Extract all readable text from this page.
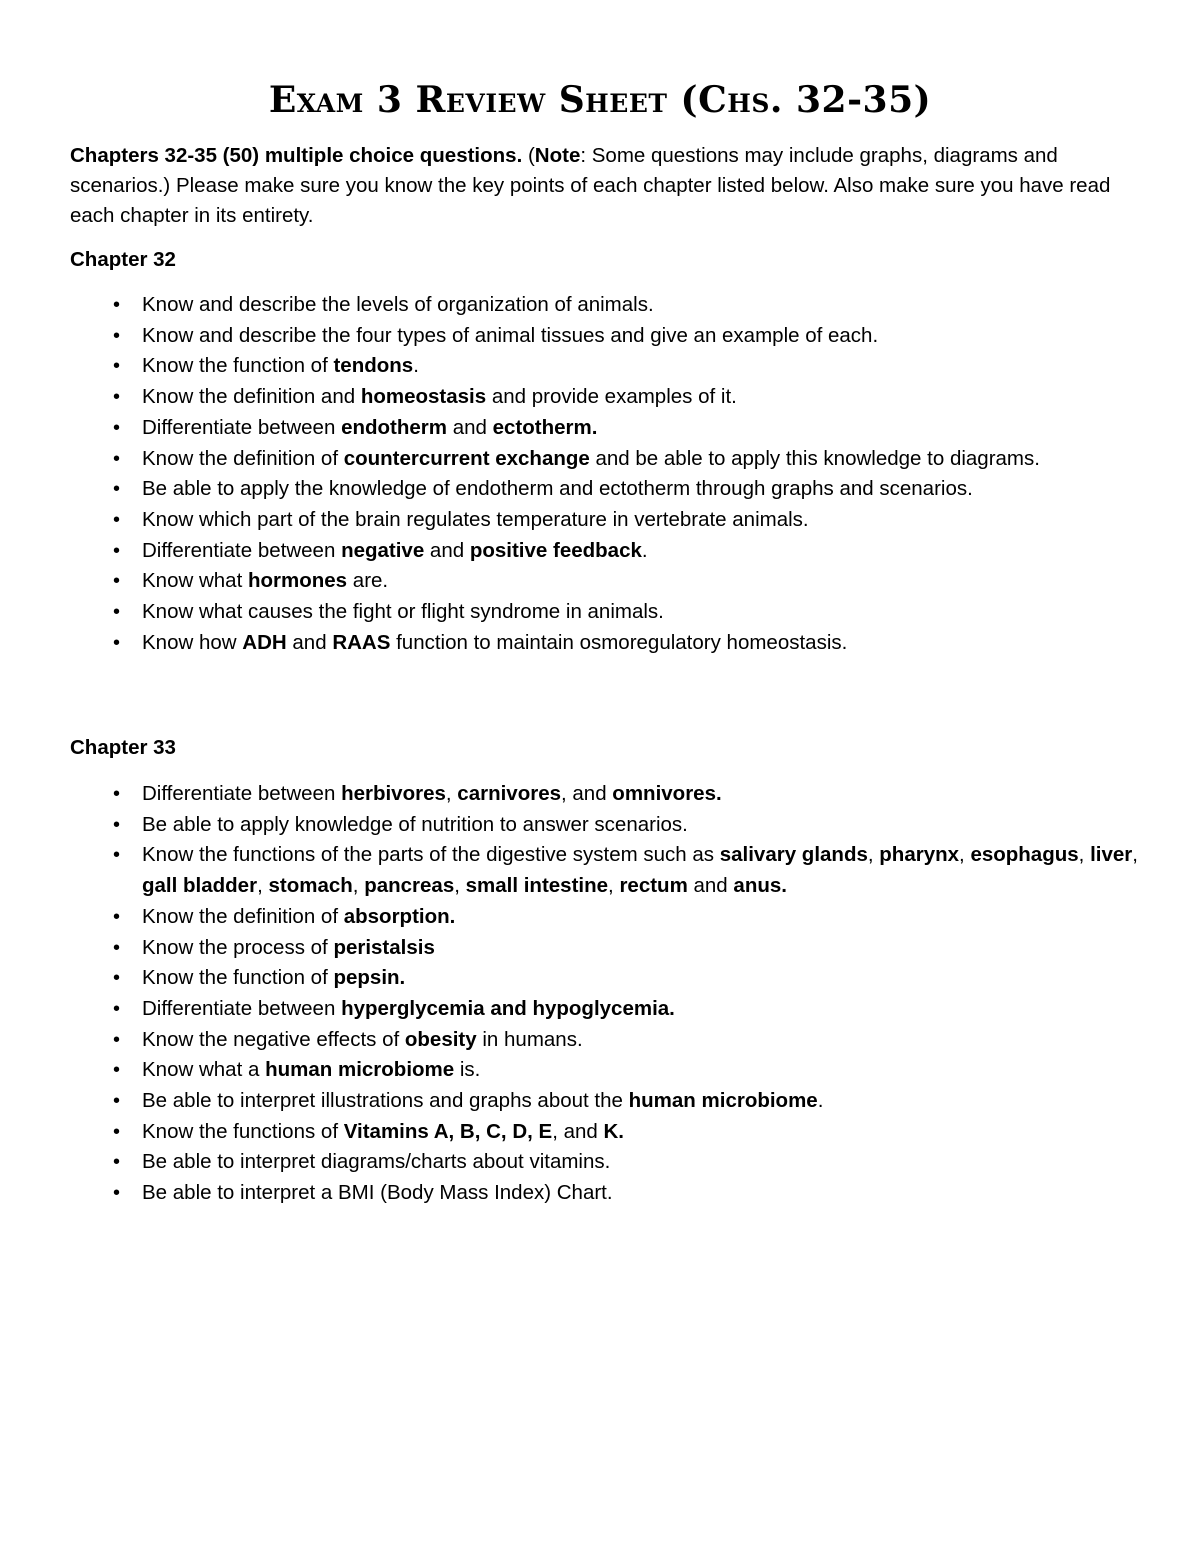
Exam 3 Review Sheet (Chs. 32-35)

Chapters 32-35 (50) multiple choice questions. (Note: Some questions may include graphs, diagrams and scenarios.) Please make sure you know the key points of each chapter listed below. Also make sure you have read each chapter in its entirety.

Chapter 32
• Know and describe the levels of organization of animals.
• Know and describe the four types of animal tissues and give an example of each.
• Know the function of tendons.
• Know the definition and homeostasis and provide examples of it.
• Differentiate between endotherm and ectotherm.
• Know the definition of countercurrent exchange and be able to apply this knowledge to diagrams.
• Be able to apply the knowledge of endotherm and ectotherm through graphs and scenarios.
• Know which part of the brain regulates temperature in vertebrate animals.
• Differentiate between negative and positive feedback.
• Know what hormones are.
• Know what causes the fight or flight syndrome in animals.
• Know how ADH and RAAS function to maintain osmoregulatory homeostasis.
Chapter 33
• Differentiate between herbivores, carnivores, and omnivores.
• Be able to apply knowledge of nutrition to answer scenarios.
• Know the functions of the parts of the digestive system such as salivary glands, pharynx, esophagus, liver, gall bladder, stomach, pancreas, small intestine, rectum and anus.
• Know the definition of absorption.
• Know the process of peristalsis
• Know the function of pepsin.
• Differentiate between hyperglycemia and hypoglycemia.
• Know the negative effects of obesity in humans.
• Know what a human microbiome is.
• Be able to interpret illustrations and graphs about the human microbiome.
• Know the functions of Vitamins A, B, C, D, E, and K.
• Be able to interpret diagrams/charts about vitamins.
• Be able to interpret a BMI (Body Mass Index) Chart.
